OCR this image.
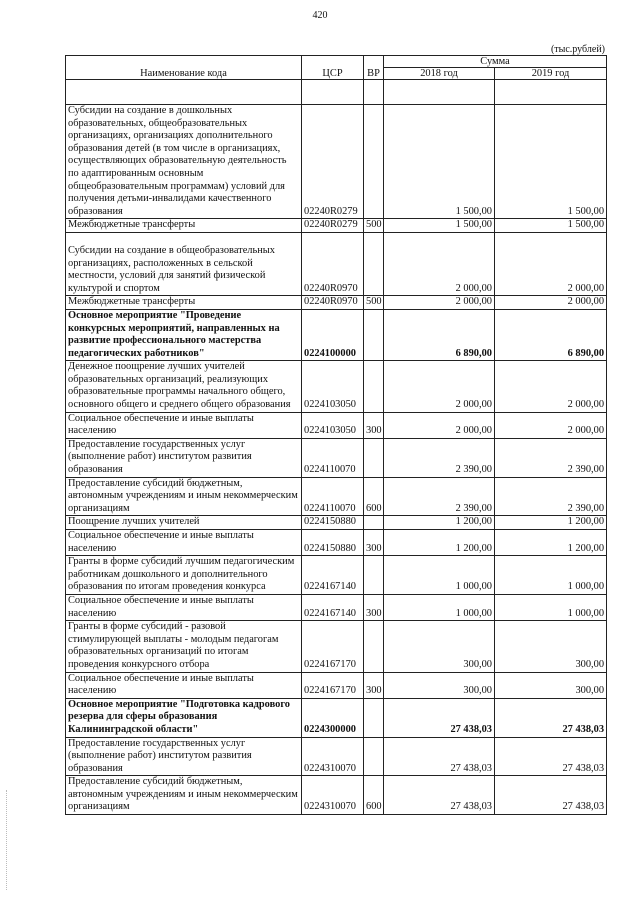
420
(тыс.рублей)
Наименование кода	ЦСР	ВР	Сумма	
			2018 год	2019 год

Субсидии на создание в дошкольных образовательных, общеобразовательных организациях, организациях дополнительного образования детей (в том числе в организациях, осуществляющих образовательную деятельность по адаптированным основным общеобразовательным программам) условий для получения детьми-инвалидами качественного образования	02240R0279		1 500,00	1 500,00
Межбюджетные трансферты	02240R0279	500	1 500,00	1 500,00

Субсидии на создание в общеобразовательных организациях, расположенных в сельской местности, условий для занятий физической культурой и спортом	02240R0970		2 000,00	2 000,00
Межбюджетные трансферты	02240R0970	500	2 000,00	2 000,00
Основное мероприятие "Проведение конкурсных мероприятий, направленных на развитие профессионального мастерства педагогических работников"	0224100000		6 890,00	6 890,00
Денежное поощрение лучших учителей образовательных организаций, реализующих образовательные программы начального общего, основного общего и среднего общего образования	0224103050		2 000,00	2 000,00
Социальное обеспечение и иные выплаты населению	0224103050	300	2 000,00	2 000,00
Предоставление государственных услуг (выполнение работ) институтом развития образования	0224110070		2 390,00	2 390,00
Предоставление субсидий бюджетным, автономным учреждениям и иным некоммерческим организациям	0224110070	600	2 390,00	2 390,00
Поощрение лучших учителей	0224150880		1 200,00	1 200,00
Социальное обеспечение и иные выплаты населению	0224150880	300	1 200,00	1 200,00
Гранты в форме субсидий лучшим педагогическим работникам дошкольного и дополнительного образования по итогам проведения конкурса	0224167140		1 000,00	1 000,00
Социальное обеспечение и иные выплаты населению	0224167140	300	1 000,00	1 000,00
Гранты в форме субсидий - разовой стимулирующей выплаты - молодым педагогам образовательных организаций по итогам проведения конкурсного отбора	0224167170		300,00	300,00
Социальное обеспечение и иные выплаты населению	0224167170	300	300,00	300,00
Основное мероприятие "Подготовка кадрового резерва для сферы образования Калининградской области"	0224300000		27 438,03	27 438,03
Предоставление государственных услуг (выполнение работ) институтом развития образования	0224310070		27 438,03	27 438,03
Предоставление субсидий бюджетным, автономным учреждениям и иным некоммерческим организациям	0224310070	600	27 438,03	27 438,03
